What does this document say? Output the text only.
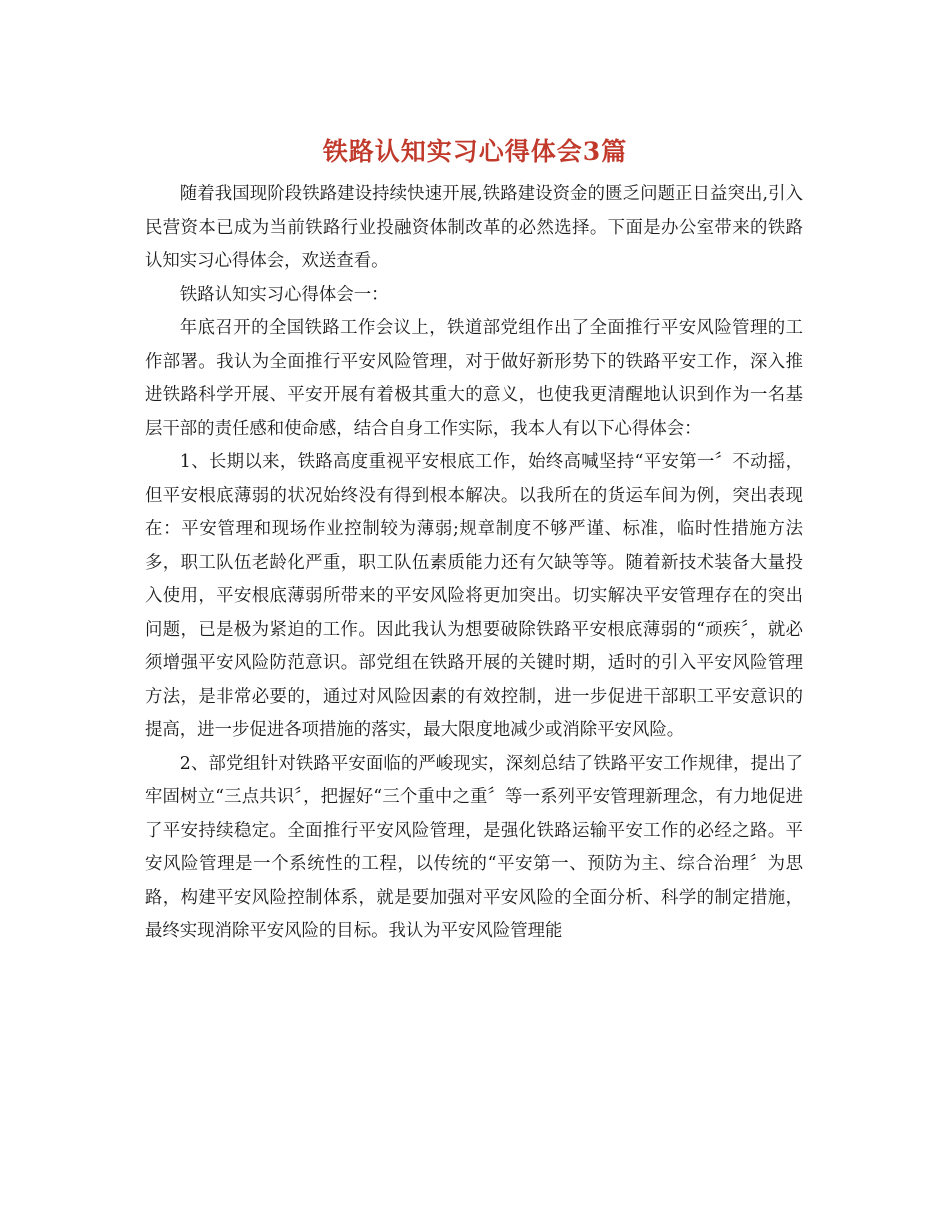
铁路认知实习心得体会3篇

随着我国现阶段铁路建设持续快速开展,铁路建设资金的匮乏问题正日益突出,引入民营资本已成为当前铁路行业投融资体制改革的必然选择。下面是办公室带来的铁路认知实习心得体会，欢送查看。

铁路认知实习心得体会一：

年底召开的全国铁路工作会议上，铁道部党组作出了全面推行平安风险管理的工作部署。我认为全面推行平安风险管理，对于做好新形势下的铁路平安工作，深入推进铁路科学开展、平安开展有着极其重大的意义，也使我更清醒地认识到作为一名基层干部的责任感和使命感，结合自身工作实际，我本人有以下心得体会：

1、长期以来，铁路高度重视平安根底工作，始终高喊坚持“平安第一〞不动摇，但平安根底薄弱的状况始终没有得到根本解决。以我所在的货运车间为例，突出表现在：平安管理和现场作业控制较为薄弱;规章制度不够严谨、标准，临时性措施方法多，职工队伍老龄化严重，职工队伍素质能力还有欠缺等等。随着新技术装备大量投入使用，平安根底薄弱所带来的平安风险将更加突出。切实解决平安管理存在的突出问题，已是极为紧迫的工作。因此我认为想要破除铁路平安根底薄弱的“顽疾〞，就必须增强平安风险防范意识。部党组在铁路开展的关键时期，适时的引入平安风险管理方法，是非常必要的，通过对风险因素的有效控制，进一步促进干部职工平安意识的提高，进一步促进各项措施的落实，最大限度地减少或消除平安风险。

2、部党组针对铁路平安面临的严峻现实，深刻总结了铁路平安工作规律，提出了牢固树立“三点共识〞，把握好“三个重中之重〞等一系列平安管理新理念，有力地促进了平安持续稳定。全面推行平安风险管理，是强化铁路运输平安工作的必经之路。平安风险管理是一个系统性的工程，以传统的“平安第一、预防为主、综合治理〞为思路，构建平安风险控制体系，就是要加强对平安风险的全面分析、科学的制定措施，最终实现消除平安风险的目标。我认为平安风险管理能
